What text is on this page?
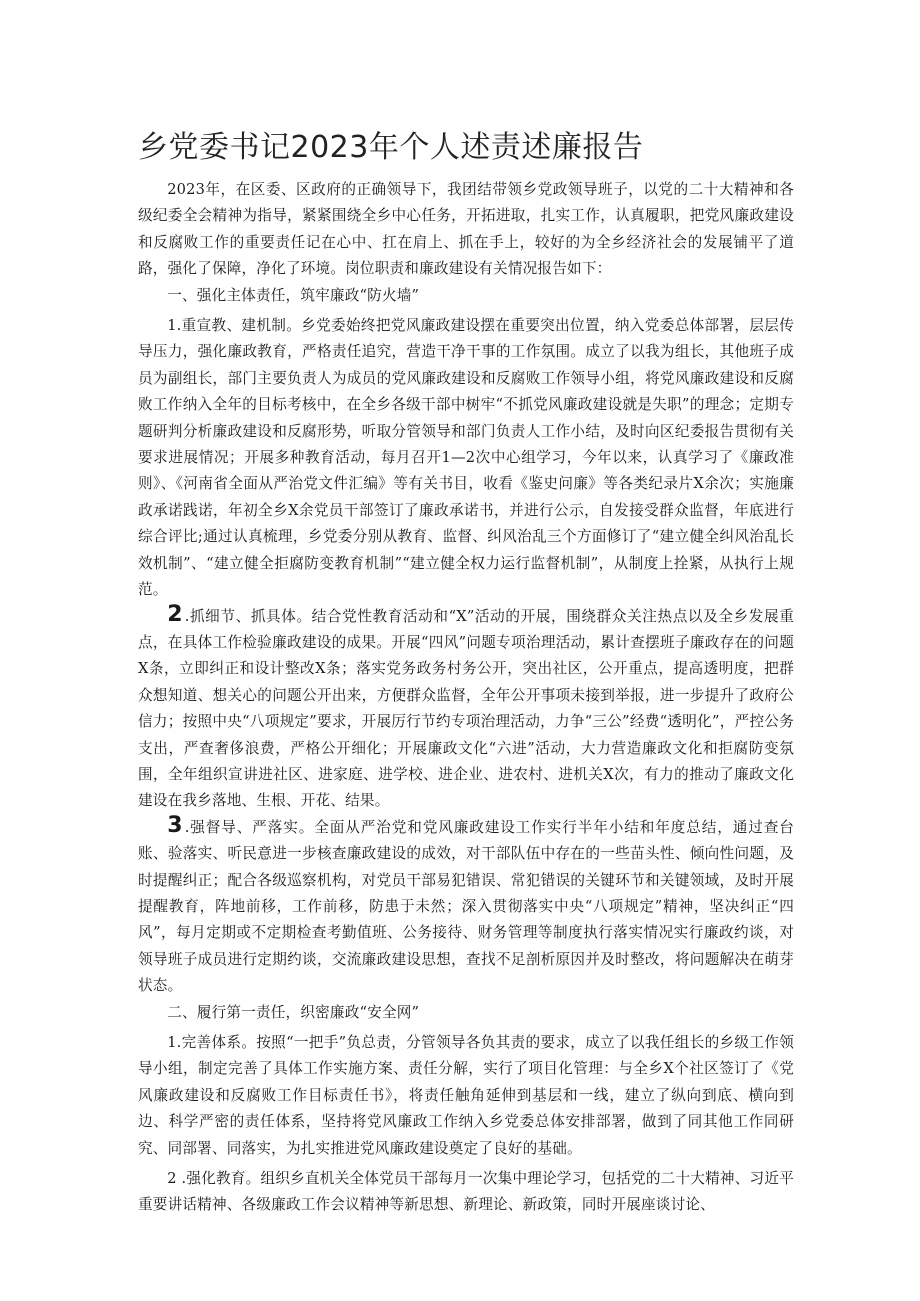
乡党委书记2023年个人述责述廉报告

2023年，在区委、区政府的正确领导下，我团结带领乡党政领导班子，以党的二十大精神和各级纪委全会精神为指导，紧紧围绕全乡中心任务，开拓进取，扎实工作，认真履职，把党风廉政建设和反腐败工作的重要责任记在心中、扛在肩上、抓在手上，较好的为全乡经济社会的发展铺平了道路，强化了保障，净化了环境。岗位职责和廉政建设有关情况报告如下：

一、强化主体责任，筑牢廉政“防火墙”

1.重宣教、建机制。乡党委始终把党风廉政建设摆在重要突出位置，纳入党委总体部署，层层传导压力，强化廉政教育，严格责任追究，营造干净干事的工作氛围。成立了以我为组长，其他班子成员为副组长，部门主要负责人为成员的党风廉政建设和反腐败工作领导小组，将党风廉政建设和反腐败工作纳入全年的目标考核中，在全乡各级干部中树牢“不抓党风廉政建设就是失职”的理念；定期专题研判分析廉政建设和反腐形势，听取分管领导和部门负责人工作小结，及时向区纪委报告贯彻有关要求进展情况；开展多种教育活动，每月召开1—2次中心组学习，今年以来，认真学习了《廉政准则》、《河南省全面从严治党文件汇编》等有关书目，收看《鉴史问廉》等各类纪录片X余次；实施廉政承诺践诺，年初全乡X余党员干部签订了廉政承诺书，并进行公示，自发接受群众监督，年底进行综合评比;通过认真梳理，乡党委分别从教育、监督、纠风治乱三个方面修订了“建立健全纠风治乱长效机制”、“建立健全拒腐防变教育机制”“建立健全权力运行监督机制”，从制度上拴紧，从执行上规范。

2 .抓细节、抓具体。结合党性教育活动和“X”活动的开展，围绕群众关注热点以及全乡发展重点，在具体工作检验廉政建设的成果。开展“四风”问题专项治理活动，累计查摆班子廉政存在的问题X条，立即纠正和设计整改X条；落实党务政务村务公开，突出社区，公开重点，提高透明度，把群众想知道、想关心的问题公开出来，方便群众监督，全年公开事项未接到举报，进一步提升了政府公信力；按照中央“八项规定”要求，开展厉行节约专项治理活动，力争“三公”经费“透明化”，严控公务支出，严查奢侈浪费，严格公开细化；开展廉政文化“六进”活动，大力营造廉政文化和拒腐防变氛围，全年组织宣讲进社区、进家庭、进学校、进企业、进农村、进机关X次，有力的推动了廉政文化建设在我乡落地、生根、开花、结果。

3 .强督导、严落实。全面从严治党和党风廉政建设工作实行半年小结和年度总结，通过查台账、验落实、听民意进一步核查廉政建设的成效，对干部队伍中存在的一些苗头性、倾向性问题，及时提醒纠正；配合各级巡察机构，对党员干部易犯错误、常犯错误的关键环节和关键领域，及时开展提醒教育，阵地前移，工作前移，防患于未然；深入贯彻落实中央“八项规定”精神，坚决纠正“四风”，每月定期或不定期检查考勤值班、公务接待、财务管理等制度执行落实情况实行廉政约谈，对领导班子成员进行定期约谈，交流廉政建设思想，查找不足剖析原因并及时整改，将问题解决在萌芽状态。

二、履行第一责任，织密廉政“安全网”

1.完善体系。按照“一把手”负总责，分管领导各负其责的要求，成立了以我任组长的乡级工作领导小组，制定完善了具体工作实施方案、责任分解，实行了项目化管理：与全乡X个社区签订了《党风廉政建设和反腐败工作目标责任书》，将责任触角延伸到基层和一线，建立了纵向到底、横向到边、科学严密的责任体系，坚持将党风廉政工作纳入乡党委总体安排部署，做到了同其他工作同研究、同部署、同落实，为扎实推进党风廉政建设奠定了良好的基础。

2 .强化教育。组织乡直机关全体党员干部每月一次集中理论学习，包括党的二十大精神、习近平重要讲话精神、各级廉政工作会议精神等新思想、新理论、新政策，同时开展座谈讨论、
